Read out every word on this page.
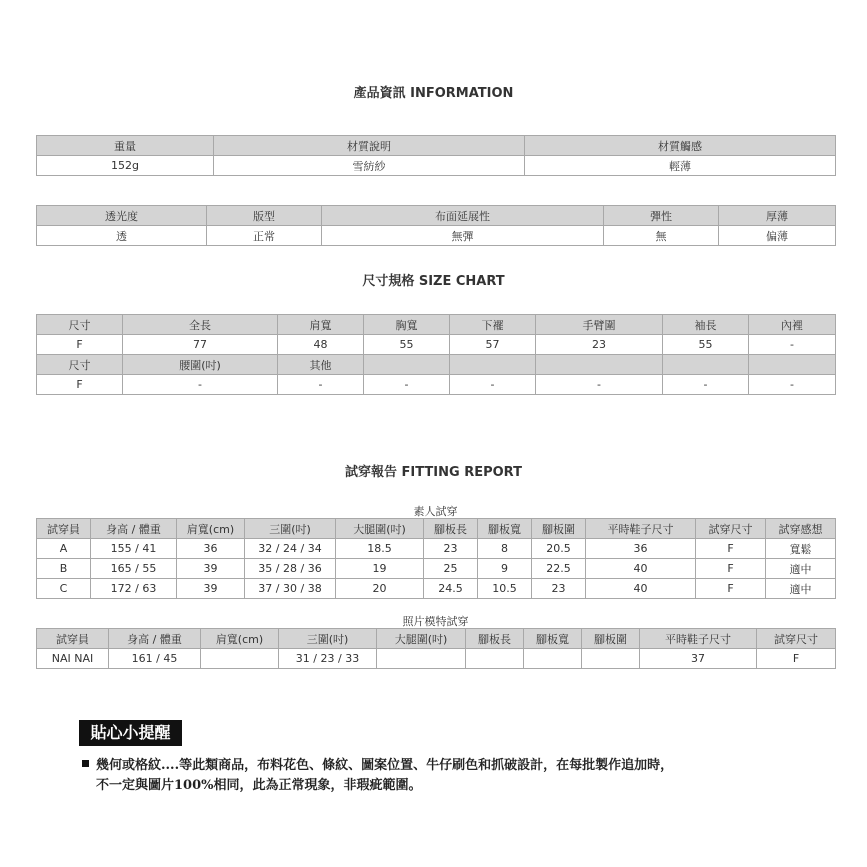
產品資訊 INFORMATION
重量	材質說明	材質觸感
152g	雪紡紗	輕薄
透光度	版型	布面延展性	彈性	厚薄
透	正常	無彈	無	偏薄
尺寸規格 SIZE CHART
尺寸	全長	肩寬	胸寬	下襬	手臂圍	袖長	內裡
F	77	48	55	57	23	55	-
尺寸	腰圍(吋)	其他					
F	-	-	-	-	-	-	-
試穿報告 FITTING REPORT
素人試穿
試穿員	身高 / 體重	肩寬(cm)	三圍(吋)	大腿圍(吋)	腳板長	腳板寬	腳板圍	平時鞋子尺寸	試穿尺寸	試穿感想
A	155 / 41	36	32 / 24 / 34	18.5	23	8	20.5	36	F	寬鬆
B	165 / 55	39	35 / 28 / 36	19	25	9	22.5	40	F	適中
C	172 / 63	39	37 / 30 / 38	20	24.5	10.5	23	40	F	適中
照片模特試穿
試穿員	身高 / 體重	肩寬(cm)	三圍(吋)	大腿圍(吋)	腳板長	腳板寬	腳板圍	平時鞋子尺寸	試穿尺寸
NAI NAI	161 / 45		31 / 23 / 33					37	F
貼心小提醒
幾何或格紋....等此類商品，布料花色、條紋、圖案位置、牛仔刷色和抓破設計，在每批製作追加時，
不一定與圖片100%相同，此為正常現象，非瑕疵範圍。
